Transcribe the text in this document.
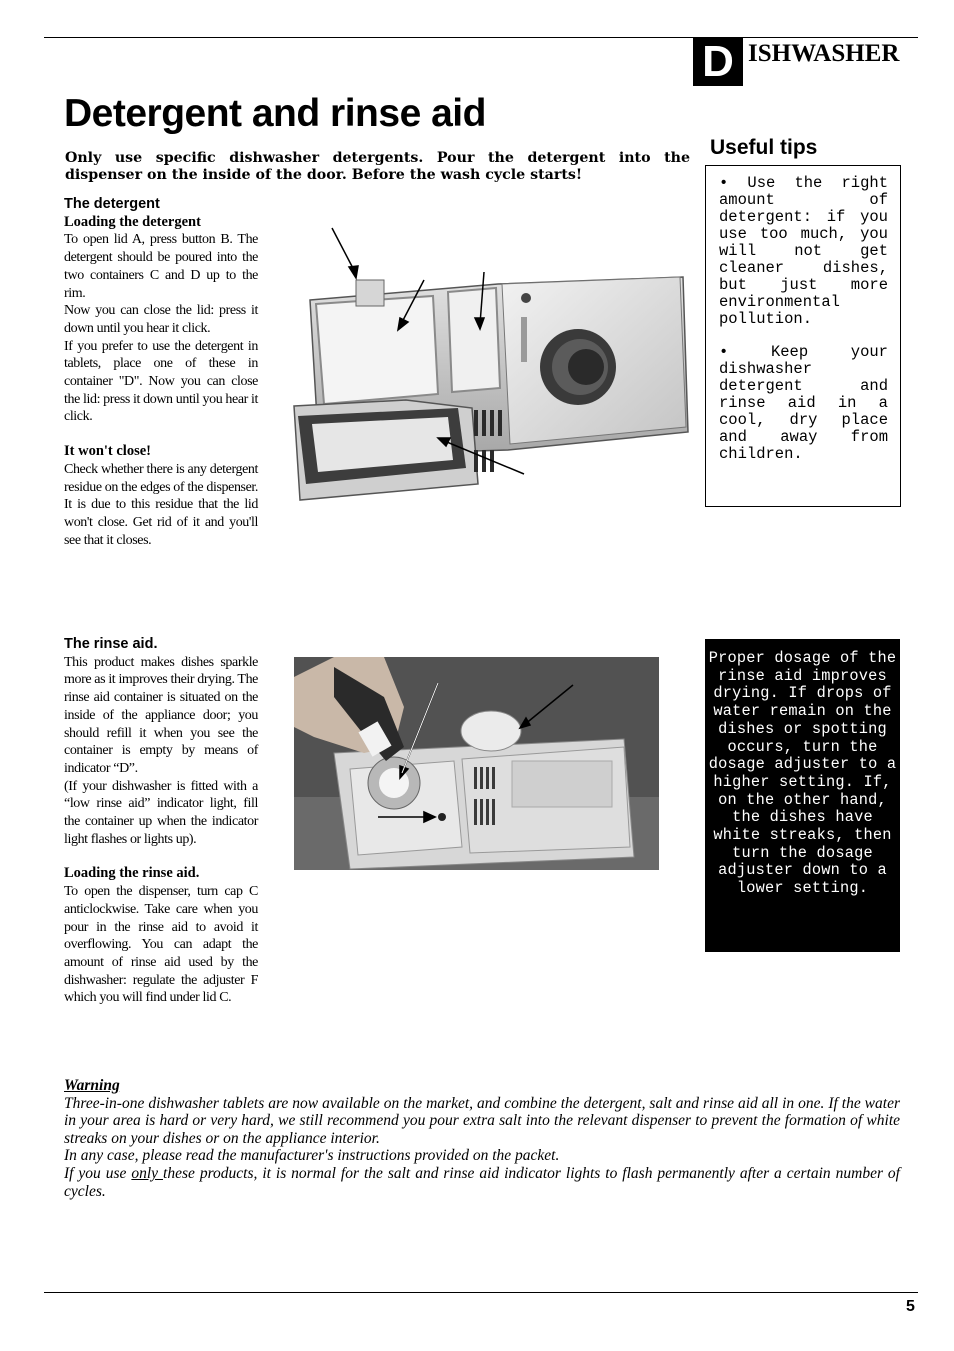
D ISHWASHER
Detergent and rinse aid
Only use specific dishwasher detergents. Pour the detergent into the
dispenser on the inside of the door. Before the wash cycle starts!
The detergent
Loading the detergent

To open lid A, press button B. The detergent should be poured into the two containers C and D up to the rim.

Now you can close the lid: press it down until you hear it click.

If you prefer to use the detergent in tablets, place one of these in container "D". Now you can close the lid: press it down until you hear it click.

It won't close!

Check whether there is any detergent residue on the edges of the dispenser. It is due to this residue that the lid won't close. Get rid of it and you'll see that it closes.

Useful tips

• Use the right amount of detergent: if you use too much, you will not get cleaner dishes, but just more environmental pollution.

• Keep your dishwasher detergent and rinse aid in a cool, dry place and away from children.

The rinse aid.

This product makes dishes sparkle more as it improves their drying. The rinse aid container is situated on the inside of the appliance door; you should refill it when you see the container is empty by means of indicator “D”.

(If your dishwasher is fitted with a “low rinse aid” indicator light, fill the container up when the indicator light flashes or lights up).

Loading the rinse aid.

To open the dispenser, turn cap C anticlockwise. Take care when you pour in the rinse aid to avoid it overflowing. You can adapt the amount of rinse aid used by the dishwasher: regulate the adjuster F which you will find under lid C.

Proper dosage of the rinse aid improves drying. If drops of water remain on the dishes or spotting occurs, turn the dosage adjuster to a higher setting. If, on the other hand, the dishes have white streaks, then turn the dosage adjuster down to a lower setting.
Warning

Three-in-one dishwasher tablets are now available on the market, and combine the detergent, salt and rinse aid all in one. If the water in your area is hard or very hard, we still recommend you pour extra salt into the relevant dispenser to prevent the formation of white streaks on your dishes or on the appliance interior.

In any case, please read the manufacturer's instructions provided on the packet.

If you use only these products, it is normal for the salt and rinse aid indicator lights to flash permanently after a certain number of cycles.

5
